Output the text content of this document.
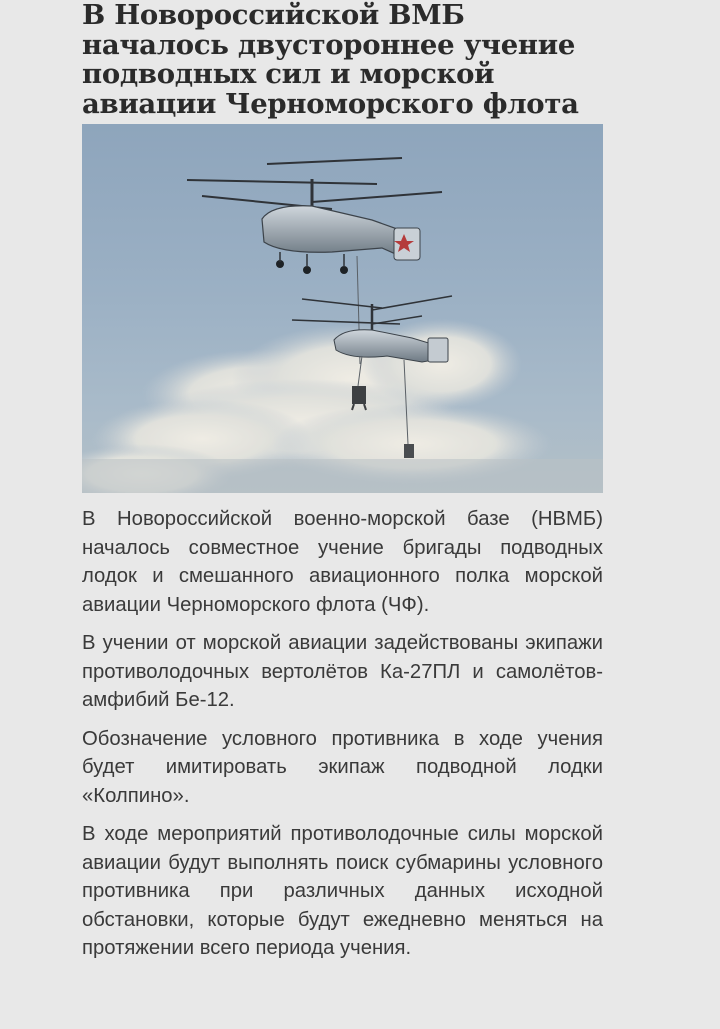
В Новороссийской ВМБ началось двустороннее учение подводных сил и морской авиации Черноморского флота

В Новороссийской военно-морской базе (НВМБ) началось совместное учение бригады подводных лодок и смешанного авиационного полка морской авиации Черноморского флота (ЧФ).

В учении от морской авиации задействованы экипажи противолодочных вертолётов Ка-27ПЛ и самолётов-амфибий Бе-12.

Обозначение условного противника в ходе учения будет имитировать экипаж подводной лодки «Колпино».

В ходе мероприятий противолодочные силы морской авиации будут выполнять поиск субмарины условного противника при различных данных исходной обстановки, которые будут ежедневно меняться на протяжении всего периода учения.
